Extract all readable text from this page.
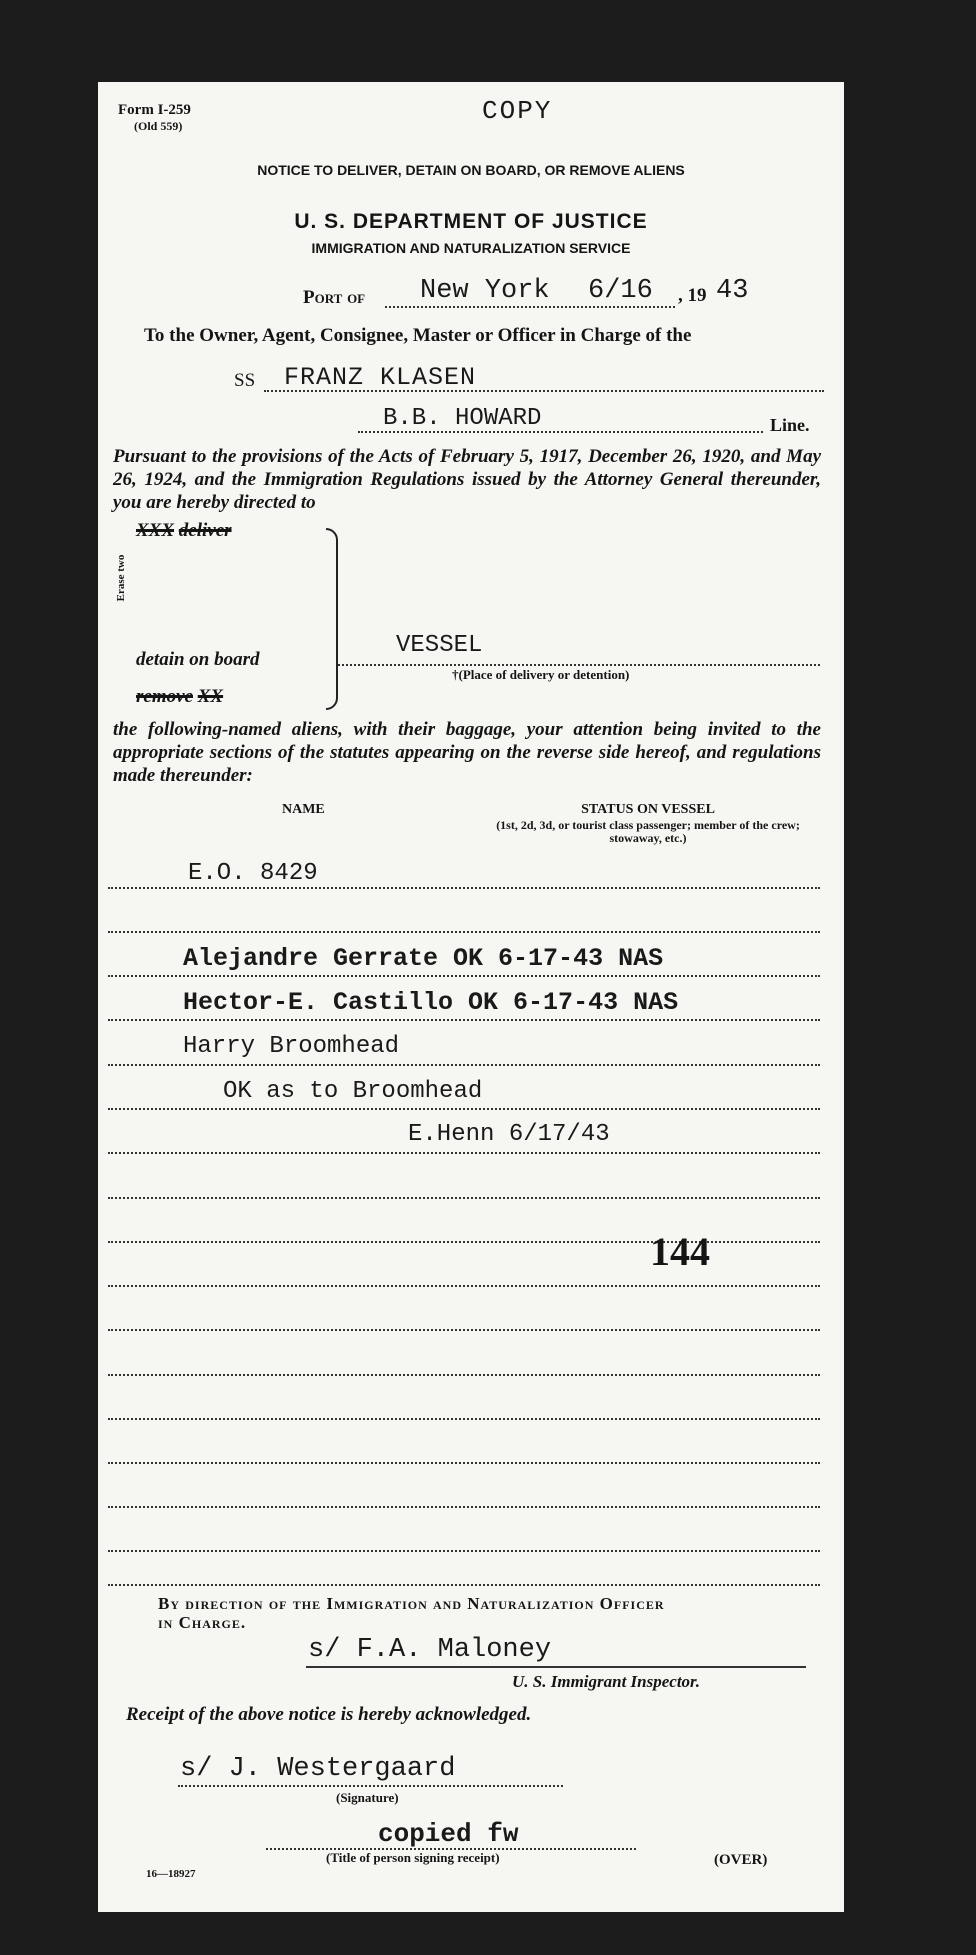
Form I-259
(Old 559)	COPY
NOTICE TO DELIVER, DETAIN ON BOARD, OR REMOVE ALIENS
U. S. DEPARTMENT OF JUSTICE
IMMIGRATION AND NATURALIZATION SERVICE
Port of New York 6/16 , 19 43
To the Owner, Agent, Consignee, Master or Officer in Charge of the
SS FRANZ KLASEN
B.B. HOWARD	Line.
Pursuant to the provisions of the Acts of February 5, 1917, December 26, 1920, and May 26, 1924, and the Immigration Regulations issued by the Attorney General thereunder, you are hereby directed to
Erase two
XXX deliver
detain on board
remove XX
VESSEL
†(Place of delivery or detention)
the following-named aliens, with their baggage, your attention being invited to the appropriate sections of the statutes appearing on the reverse side hereof, and regulations made thereunder:
NAME	STATUS ON VESSEL
(1st, 2d, 3d, or tourist class passenger; member of the crew; stowaway, etc.)
E.O. 8429
Alejandre Gerrate OK 6-17-43 NAS
Hector-E. Castillo OK 6-17-43 NAS
Harry Broomhead
OK as to Broomhead
E.Henn 6/17/43
144
By direction of the Immigration and Naturalization Officer in Charge.
s/ F.A. Maloney
U. S. Immigrant Inspector.
Receipt of the above notice is hereby acknowledged.
s/ J. Westergaard
(Signature)
copied fw
(Title of person signing receipt)
16—18927
(OVER)
